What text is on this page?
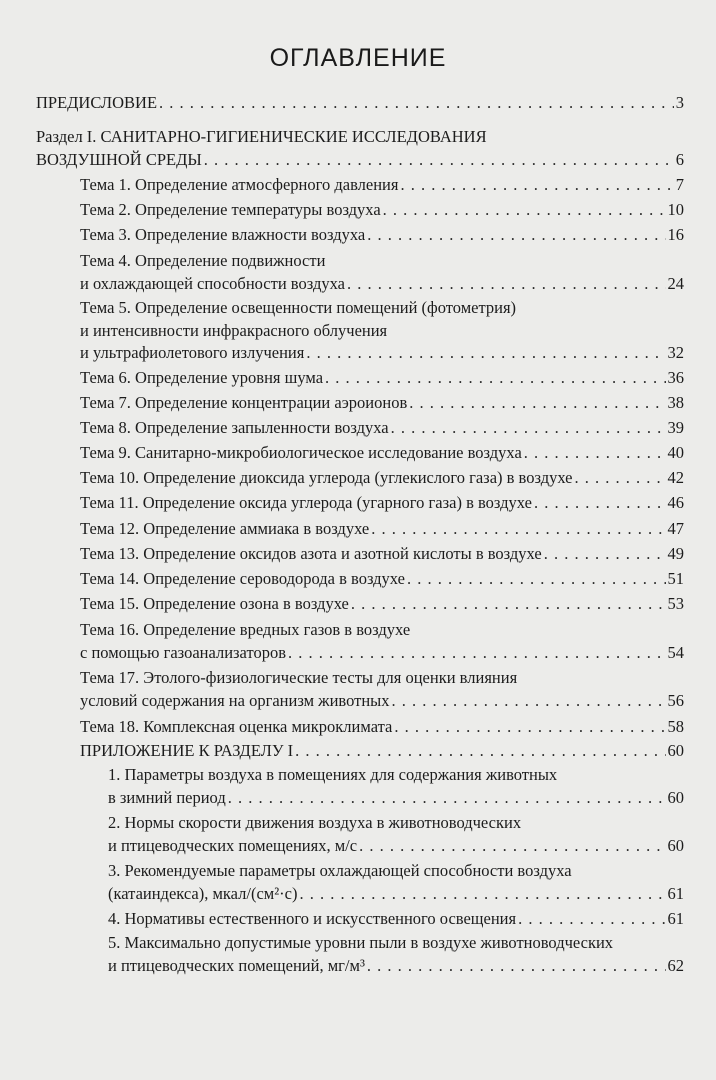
ОГЛАВЛЕНИЕ
ПРЕДИСЛОВИЕ . . .	3
Раздел I. САНИТАРНО-ГИГИЕНИЧЕСКИЕ ИССЛЕДОВАНИЯ
ВОЗДУШНОЙ СРЕДЫ . . .	6
Тема 1. Определение атмосферного давления . . .	7
Тема 2. Определение температуры воздуха . . .	10
Тема 3. Определение влажности воздуха . . .	16
Тема 4. Определение подвижности
и охлаждающей способности воздуха . . .	24
Тема 5. Определение освещенности помещений (фотометрия)
и интенсивности инфракрасного облучения
и ультрафиолетового излучения . . .	32
Тема 6. Определение уровня шума . . .	36
Тема 7. Определение концентрации аэроионов . . .	38
Тема 8. Определение запыленности воздуха . . .	39
Тема 9. Санитарно-микробиологическое исследование воздуха . . .	40
Тема 10. Определение диоксида углерода (углекислого газа) в воздухе . . .	42
Тема 11. Определение оксида углерода (угарного газа) в воздухе . . .	46
Тема 12. Определение аммиака в воздухе . . .	47
Тема 13. Определение оксидов азота и азотной кислоты в воздухе . . .	49
Тема 14. Определение сероводорода в воздухе . . .	51
Тема 15. Определение озона в воздухе . . .	53
Тема 16. Определение вредных газов в воздухе
с помощью газоанализаторов . . .	54
Тема 17. Этолого-физиологические тесты для оценки влияния
условий содержания на организм животных . . .	56
Тема 18. Комплексная оценка микроклимата . . .	58
ПРИЛОЖЕНИЕ К РАЗДЕЛУ I . . .	60
1. Параметры воздуха в помещениях для содержания животных
в зимний период . . .	60
2. Нормы скорости движения воздуха в животноводческих
и птицеводческих помещениях, м/с . . .	60
3. Рекомендуемые параметры охлаждающей способности воздуха
(катаиндекса), мкал/(см²·с) . . .	61
4. Нормативы естественного и искусственного освещения . . .	61
5. Максимально допустимые уровни пыли в воздухе животноводческих
и птицеводческих помещений, мг/м³ . . .	62
